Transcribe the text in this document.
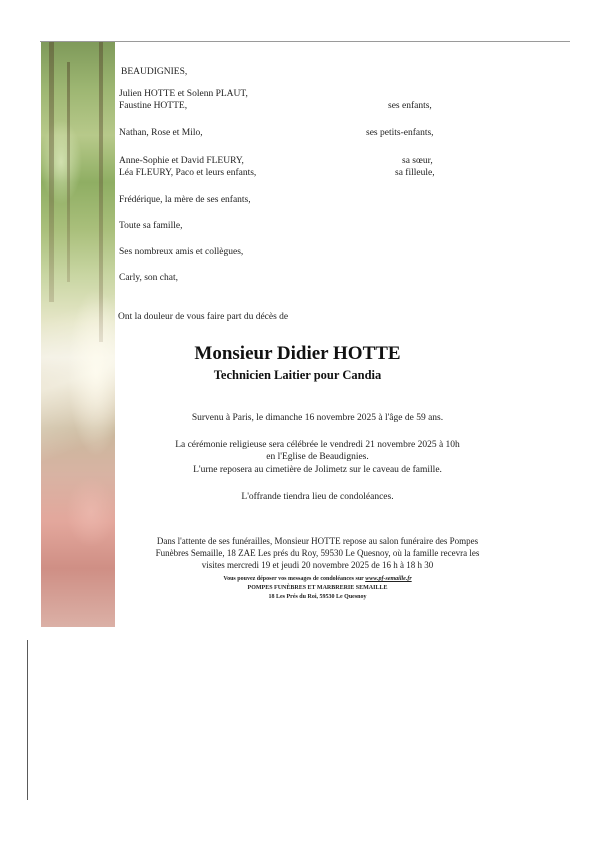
BEAUDIGNIES,
Julien HOTTE et Solenn PLAUT,
Faustine HOTTE,	ses enfants,
Nathan, Rose et Milo,	ses petits-enfants,
Anne-Sophie et David FLEURY,	sa sœur,
Léa FLEURY, Paco et leurs enfants,	sa filleule,
Frédérique, la mère de ses enfants,
Toute sa famille,
Ses nombreux amis et collègues,
Carly, son chat,
Ont la douleur de vous faire part du décès de
Monsieur Didier HOTTE
Technicien Laitier pour Candia
Survenu à Paris, le dimanche 16 novembre 2025 à l'âge de 59 ans.
La cérémonie religieuse sera célébrée le vendredi 21 novembre 2025 à 10h
en l'Eglise de Beaudignies.
L'urne reposera au cimetière de Jolimetz sur le caveau de famille.
L'offrande tiendra lieu de condoléances.
Dans l'attente de ses funérailles, Monsieur HOTTE repose au salon funéraire des Pompes
Funèbres Semaille, 18 ZAE Les prés du Roy, 59530 Le Quesnoy, où la famille recevra les
visites mercredi 19 et jeudi 20 novembre 2025 de 16 h à 18 h 30
Vous pouvez déposer vos messages de condoléances sur www.pf-semaille.fr
POMPES FUNÈBRES ET MARBRERIE SEMAILLE
18 Les Prés du Roi, 59530 Le Quesnoy
